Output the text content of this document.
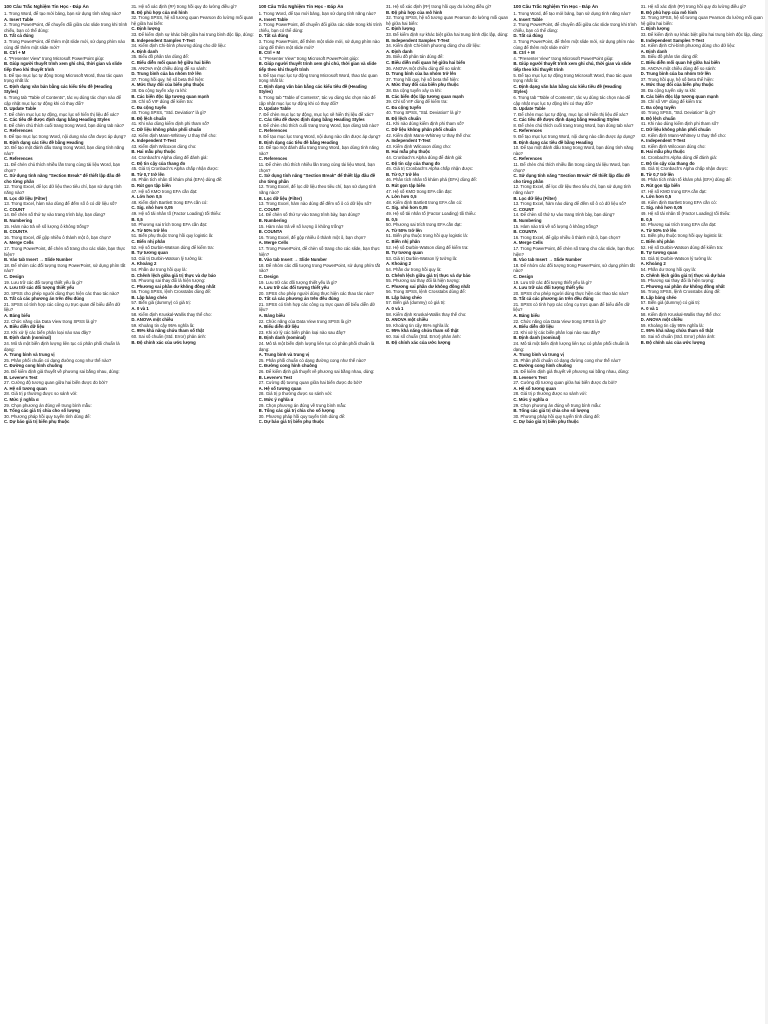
100 Câu Trắc Nghiệm Tin Học - Đáp Án

1. Trong Word, để tạo mới bảng, bạn sử dụng tính năng nào?

A. Insert Table

2. Trong PowerPoint, để chuyển đổi giữa các slide trong khi trình chiếu, bạn có thể dùng:

D. Tất cả đúng

3. Trong PowerPoint, để thêm một slide mới, sử dụng phím nào cùng để thêm một slide mới?

B. Ctrl + M

4. "Presenter View" trong Microsoft PowerPoint giúp:

B. Giúp người thuyết trình xem ghi chú, thời gian và slide tiếp theo khi thuyết trình

5. Để tạo mục lục tự động trong Microsoft Word, thao tác quan trọng nhất là:

C. Định dạng văn bản bằng các kiểu tiêu đề (Heading Styles)

6. Trong tab "Table of Contents", tác vụ dùng tác chọn nào để cập nhật mục lục tự động khi có thay đổi?

D. Update Table

7. Để chèn mục lục tự động, mục lục sẽ hiển thị liệu để xác?

C. Các tiêu đề được định dạng bằng Heading Styles

8. Để chèn chú thích cuối trang trong Word, bạn dùng tab nào?

C. References

9. Để tạo mục lục trong Word, nội dung nào cần được áp dụng?

B. Định dạng các tiêu đề bằng Heading

10. Để tạo một đánh dấu trang trong Word, bạn dùng tính năng nào?

C. References

11. Để chèn chú thích nhiều lần trong cùng tài liệu Word, bạn chọn?

C. Sử dụng tính năng "Section Break" để thiết lập đầu đề cho từng phần

12. Trong Excel, để lọc dữ liệu theo tiêu chí, bạn sử dụng tính năng nào?

B. Lọc dữ liệu (Filter)

13. Trong Excel, hàm nào dùng để đếm số ô có dữ liệu số?

C. COUNT

14. Để chèn số thứ tự vào trang trình bày, bạn dùng?

B. Numbering

15. Hàm nào trả về số lượng ô không trống?

B. COUNTA

16. Trong Excel, để gộp nhiều ô thành một ô, bạn chọn?

A. Merge Cells

17. Trong PowerPoint, để chèn số trang cho các slide, bạn thực hiện?

B. Vào tab Insert → Slide Number

18. Để nhóm các đối tượng trong PowerPoint, sử dụng phím tắt nào?

C. Design

19. Lưu trữ các đối tượng thiết yếu là gì?

A. Lưu trữ các đối tượng thiết yếu

20. SPSS cho phép người dùng thực hiện các thao tác nào?

D. Tất cả các phương án trên đều đúng

21. SPSS có tính hợp các công cụ trực quan để biểu diễn dữ liệu?

A. Bảng biểu

22. Chức năng của Data View trong SPSS là gì?

A. Biểu diễn dữ liệu

23. Khi xử lý các biến phân loại nào sau đây?

B. Định danh (nominal)

24. Mô tả một biến định lượng liên tục có phân phối chuẩn là dạng:

A. Trung bình và trung vị

25. Phân phối chuẩn có dạng đường cong như thế nào?

C. Đường cong hình chuông

26. Để kiểm định giả thuyết về phương sai bằng nhau, dùng:

B. Levene's Test

27. Cường độ tương quan giữa hai biến được đo bởi?

A. Hệ số tương quan

28. Giá trị p thường được so sánh với:

C. Mức ý nghĩa α

29. Chọn phương án đúng về trung bình mẫu:

B. Tổng các giá trị chia cho số lượng

30. Phương pháp hồi quy tuyến tính dùng để:

C. Dự báo giá trị biến phụ thuộc

31. Hệ số xác định (R²) trong hồi quy đo lường điều gì?

B. Độ phù hợp của mô hình

32. Trong SPSS, hệ số tương quan Pearson đo lường mối quan hệ giữa hai biến:

C. Định lượng

33. Để kiểm định sự khác biệt giữa hai trung bình độc lập, dùng:

B. Independent Samples T-Test

34. Kiểm định Chi-bình phương dùng cho dữ liệu:

A. Định danh

35. Biểu đồ phân tán dùng để:

C. Biểu diễn mối quan hệ giữa hai biến

36. ANOVA một chiều dùng để so sánh:

D. Trung bình của ba nhóm trở lên

37. Trong hồi quy, hệ số beta thể hiện:

A. Mức thay đổi của biến phụ thuộc

38. Đa cộng tuyến xảy ra khi:

B. Các biến độc lập tương quan mạnh

39. Chỉ số VIF dùng để kiểm tra:

C. Đa cộng tuyến

40. Trong SPSS, "Std. Deviation" là gì?

B. Độ lệch chuẩn

41. Khi nào dùng kiểm định phi tham số?

C. Dữ liệu không phân phối chuẩn

42. Kiểm định Mann-Whitney U thay thế cho:

A. Independent T-Test

43. Kiểm định Wilcoxon dùng cho:

B. Hai mẫu phụ thuộc

44. Cronbach's Alpha dùng để đánh giá:

C. Độ tin cậy của thang đo

45. Giá trị Cronbach's Alpha chấp nhận được:

B. Từ 0,7 trở lên

46. Phân tích nhân tố khám phá (EFA) dùng để:

D. Rút gọn tập biến

47. Hệ số KMO trong EFA cần đạt:

A. Lớn hơn 0,5

48. Kiểm định Bartlett trong EFA cần có:

C. Sig. nhỏ hơn 0,05

49. Hệ số tải nhân tố (Factor Loading) tối thiểu:

B. 0,5

50. Phương sai trích trong EFA cần đạt:

A. Từ 50% trở lên

51. Biến phụ thuộc trong hồi quy logistic là:

C. Biến nhị phân

52. Hệ số Durbin-Watson dùng để kiểm tra:

B. Tự tương quan

53. Giá trị Durbin-Watson lý tưởng là:

A. Khoảng 2

54. Phần dư trong hồi quy là:

D. Chênh lệch giữa giá trị thực và dự báo

55. Phương sai thay đổi là hiện tượng:

C. Phương sai phần dư không đồng nhất

56. Trong SPSS, lệnh Crosstabs dùng để:

B. Lập bảng chéo

57. Biến giả (dummy) có giá trị:

A. 0 và 1

58. Kiểm định Kruskal-Wallis thay thế cho:

D. ANOVA một chiều

59. Khoảng tin cậy 95% nghĩa là:

C. 95% khả năng chứa tham số thật

60. Sai số chuẩn (Std. Error) phản ánh:

B. Độ chính xác của ước lượng

100 Câu Trắc Nghiệm Tin Học - Đáp Án

1. Trong Word, để tạo mới bảng, bạn sử dụng tính năng nào?

A. Insert Table

2. Trong PowerPoint, để chuyển đổi giữa các slide trong khi trình chiếu, bạn có thể dùng:

D. Tất cả đúng

3. Trong PowerPoint, để thêm một slide mới, sử dụng phím nào cùng để thêm một slide mới?

B. Ctrl + M

4. "Presenter View" trong Microsoft PowerPoint giúp:

B. Giúp người thuyết trình xem ghi chú, thời gian và slide tiếp theo khi thuyết trình

5. Để tạo mục lục tự động trong Microsoft Word, thao tác quan trọng nhất là:

C. Định dạng văn bản bằng các kiểu tiêu đề (Heading Styles)

6. Trong tab "Table of Contents", tác vụ dùng tác chọn nào để cập nhật mục lục tự động khi có thay đổi?

D. Update Table

7. Để chèn mục lục tự động, mục lục sẽ hiển thị liệu để xác?

C. Các tiêu đề được định dạng bằng Heading Styles

8. Để chèn chú thích cuối trang trong Word, bạn dùng tab nào?

C. References

9. Để tạo mục lục trong Word, nội dung nào cần được áp dụng?

B. Định dạng các tiêu đề bằng Heading

10. Để tạo một đánh dấu trang trong Word, bạn dùng tính năng nào?

C. References

11. Để chèn chú thích nhiều lần trong cùng tài liệu Word, bạn chọn?

C. Sử dụng tính năng "Section Break" để thiết lập đầu đề cho từng phần

12. Trong Excel, để lọc dữ liệu theo tiêu chí, bạn sử dụng tính năng nào?

B. Lọc dữ liệu (Filter)

13. Trong Excel, hàm nào dùng để đếm số ô có dữ liệu số?

C. COUNT

14. Để chèn số thứ tự vào trang trình bày, bạn dùng?

B. Numbering

15. Hàm nào trả về số lượng ô không trống?

B. COUNTA

16. Trong Excel, để gộp nhiều ô thành một ô, bạn chọn?

A. Merge Cells

17. Trong PowerPoint, để chèn số trang cho các slide, bạn thực hiện?

B. Vào tab Insert → Slide Number

18. Để nhóm các đối tượng trong PowerPoint, sử dụng phím tắt nào?

C. Design

19. Lưu trữ các đối tượng thiết yếu là gì?

A. Lưu trữ các đối tượng thiết yếu

20. SPSS cho phép người dùng thực hiện các thao tác nào?

D. Tất cả các phương án trên đều đúng

21. SPSS có tính hợp các công cụ trực quan để biểu diễn dữ liệu?

A. Bảng biểu

22. Chức năng của Data View trong SPSS là gì?

A. Biểu diễn dữ liệu

23. Khi xử lý các biến phân loại nào sau đây?

B. Định danh (nominal)

24. Mô tả một biến định lượng liên tục có phân phối chuẩn là dạng:

A. Trung bình và trung vị

25. Phân phối chuẩn có dạng đường cong như thế nào?

C. Đường cong hình chuông

26. Để kiểm định giả thuyết về phương sai bằng nhau, dùng:

B. Levene's Test

27. Cường độ tương quan giữa hai biến được đo bởi?

A. Hệ số tương quan

28. Giá trị p thường được so sánh với:

C. Mức ý nghĩa α

29. Chọn phương án đúng về trung bình mẫu:

B. Tổng các giá trị chia cho số lượng

30. Phương pháp hồi quy tuyến tính dùng để:

C. Dự báo giá trị biến phụ thuộc

31. Hệ số xác định (R²) trong hồi quy đo lường điều gì?

B. Độ phù hợp của mô hình

32. Trong SPSS, hệ số tương quan Pearson đo lường mối quan hệ giữa hai biến:

C. Định lượng

33. Để kiểm định sự khác biệt giữa hai trung bình độc lập, dùng:

B. Independent Samples T-Test

34. Kiểm định Chi-bình phương dùng cho dữ liệu:

A. Định danh

35. Biểu đồ phân tán dùng để:

C. Biểu diễn mối quan hệ giữa hai biến

36. ANOVA một chiều dùng để so sánh:

D. Trung bình của ba nhóm trở lên

37. Trong hồi quy, hệ số beta thể hiện:

A. Mức thay đổi của biến phụ thuộc

38. Đa cộng tuyến xảy ra khi:

B. Các biến độc lập tương quan mạnh

39. Chỉ số VIF dùng để kiểm tra:

C. Đa cộng tuyến

40. Trong SPSS, "Std. Deviation" là gì?

B. Độ lệch chuẩn

41. Khi nào dùng kiểm định phi tham số?

C. Dữ liệu không phân phối chuẩn

42. Kiểm định Mann-Whitney U thay thế cho:

A. Independent T-Test

43. Kiểm định Wilcoxon dùng cho:

B. Hai mẫu phụ thuộc

44. Cronbach's Alpha dùng để đánh giá:

C. Độ tin cậy của thang đo

45. Giá trị Cronbach's Alpha chấp nhận được:

B. Từ 0,7 trở lên

46. Phân tích nhân tố khám phá (EFA) dùng để:

D. Rút gọn tập biến

47. Hệ số KMO trong EFA cần đạt:

A. Lớn hơn 0,5

48. Kiểm định Bartlett trong EFA cần có:

C. Sig. nhỏ hơn 0,05

49. Hệ số tải nhân tố (Factor Loading) tối thiểu:

B. 0,5

50. Phương sai trích trong EFA cần đạt:

A. Từ 50% trở lên

51. Biến phụ thuộc trong hồi quy logistic là:

C. Biến nhị phân

52. Hệ số Durbin-Watson dùng để kiểm tra:

B. Tự tương quan

53. Giá trị Durbin-Watson lý tưởng là:

A. Khoảng 2

54. Phần dư trong hồi quy là:

D. Chênh lệch giữa giá trị thực và dự báo

55. Phương sai thay đổi là hiện tượng:

C. Phương sai phần dư không đồng nhất

56. Trong SPSS, lệnh Crosstabs dùng để:

B. Lập bảng chéo

57. Biến giả (dummy) có giá trị:

A. 0 và 1

58. Kiểm định Kruskal-Wallis thay thế cho:

D. ANOVA một chiều

59. Khoảng tin cậy 95% nghĩa là:

C. 95% khả năng chứa tham số thật

60. Sai số chuẩn (Std. Error) phản ánh:

B. Độ chính xác của ước lượng

100 Câu Trắc Nghiệm Tin Học - Đáp Án

1. Trong Word, để tạo mới bảng, bạn sử dụng tính năng nào?

A. Insert Table

2. Trong PowerPoint, để chuyển đổi giữa các slide trong khi trình chiếu, bạn có thể dùng:

D. Tất cả đúng

3. Trong PowerPoint, để thêm một slide mới, sử dụng phím nào cùng để thêm một slide mới?

B. Ctrl + M

4. "Presenter View" trong Microsoft PowerPoint giúp:

B. Giúp người thuyết trình xem ghi chú, thời gian và slide tiếp theo khi thuyết trình

5. Để tạo mục lục tự động trong Microsoft Word, thao tác quan trọng nhất là:

C. Định dạng văn bản bằng các kiểu tiêu đề (Heading Styles)

6. Trong tab "Table of Contents", tác vụ dùng tác chọn nào để cập nhật mục lục tự động khi có thay đổi?

D. Update Table

7. Để chèn mục lục tự động, mục lục sẽ hiển thị liệu để xác?

C. Các tiêu đề được định dạng bằng Heading Styles

8. Để chèn chú thích cuối trang trong Word, bạn dùng tab nào?

C. References

9. Để tạo mục lục trong Word, nội dung nào cần được áp dụng?

B. Định dạng các tiêu đề bằng Heading

10. Để tạo một đánh dấu trang trong Word, bạn dùng tính năng nào?

C. References

11. Để chèn chú thích nhiều lần trong cùng tài liệu Word, bạn chọn?

C. Sử dụng tính năng "Section Break" để thiết lập đầu đề cho từng phần

12. Trong Excel, để lọc dữ liệu theo tiêu chí, bạn sử dụng tính năng nào?

B. Lọc dữ liệu (Filter)

13. Trong Excel, hàm nào dùng để đếm số ô có dữ liệu số?

C. COUNT

14. Để chèn số thứ tự vào trang trình bày, bạn dùng?

B. Numbering

15. Hàm nào trả về số lượng ô không trống?

B. COUNTA

16. Trong Excel, để gộp nhiều ô thành một ô, bạn chọn?

A. Merge Cells

17. Trong PowerPoint, để chèn số trang cho các slide, bạn thực hiện?

B. Vào tab Insert → Slide Number

18. Để nhóm các đối tượng trong PowerPoint, sử dụng phím tắt nào?

C. Design

19. Lưu trữ các đối tượng thiết yếu là gì?

A. Lưu trữ các đối tượng thiết yếu

20. SPSS cho phép người dùng thực hiện các thao tác nào?

D. Tất cả các phương án trên đều đúng

21. SPSS có tính hợp các công cụ trực quan để biểu diễn dữ liệu?

A. Bảng biểu

22. Chức năng của Data View trong SPSS là gì?

A. Biểu diễn dữ liệu

23. Khi xử lý các biến phân loại nào sau đây?

B. Định danh (nominal)

24. Mô tả một biến định lượng liên tục có phân phối chuẩn là dạng:

A. Trung bình và trung vị

25. Phân phối chuẩn có dạng đường cong như thế nào?

C. Đường cong hình chuông

26. Để kiểm định giả thuyết về phương sai bằng nhau, dùng:

B. Levene's Test

27. Cường độ tương quan giữa hai biến được đo bởi?

A. Hệ số tương quan

28. Giá trị p thường được so sánh với:

C. Mức ý nghĩa α

29. Chọn phương án đúng về trung bình mẫu:

B. Tổng các giá trị chia cho số lượng

30. Phương pháp hồi quy tuyến tính dùng để:

C. Dự báo giá trị biến phụ thuộc

31. Hệ số xác định (R²) trong hồi quy đo lường điều gì?

B. Độ phù hợp của mô hình

32. Trong SPSS, hệ số tương quan Pearson đo lường mối quan hệ giữa hai biến:

C. Định lượng

33. Để kiểm định sự khác biệt giữa hai trung bình độc lập, dùng:

B. Independent Samples T-Test

34. Kiểm định Chi-bình phương dùng cho dữ liệu:

A. Định danh

35. Biểu đồ phân tán dùng để:

C. Biểu diễn mối quan hệ giữa hai biến

36. ANOVA một chiều dùng để so sánh:

D. Trung bình của ba nhóm trở lên

37. Trong hồi quy, hệ số beta thể hiện:

A. Mức thay đổi của biến phụ thuộc

38. Đa cộng tuyến xảy ra khi:

B. Các biến độc lập tương quan mạnh

39. Chỉ số VIF dùng để kiểm tra:

C. Đa cộng tuyến

40. Trong SPSS, "Std. Deviation" là gì?

B. Độ lệch chuẩn

41. Khi nào dùng kiểm định phi tham số?

C. Dữ liệu không phân phối chuẩn

42. Kiểm định Mann-Whitney U thay thế cho:

A. Independent T-Test

43. Kiểm định Wilcoxon dùng cho:

B. Hai mẫu phụ thuộc

44. Cronbach's Alpha dùng để đánh giá:

C. Độ tin cậy của thang đo

45. Giá trị Cronbach's Alpha chấp nhận được:

B. Từ 0,7 trở lên

46. Phân tích nhân tố khám phá (EFA) dùng để:

D. Rút gọn tập biến

47. Hệ số KMO trong EFA cần đạt:

A. Lớn hơn 0,5

48. Kiểm định Bartlett trong EFA cần có:

C. Sig. nhỏ hơn 0,05

49. Hệ số tải nhân tố (Factor Loading) tối thiểu:

B. 0,5

50. Phương sai trích trong EFA cần đạt:

A. Từ 50% trở lên

51. Biến phụ thuộc trong hồi quy logistic là:

C. Biến nhị phân

52. Hệ số Durbin-Watson dùng để kiểm tra:

B. Tự tương quan

53. Giá trị Durbin-Watson lý tưởng là:

A. Khoảng 2

54. Phần dư trong hồi quy là:

D. Chênh lệch giữa giá trị thực và dự báo

55. Phương sai thay đổi là hiện tượng:

C. Phương sai phần dư không đồng nhất

56. Trong SPSS, lệnh Crosstabs dùng để:

B. Lập bảng chéo

57. Biến giả (dummy) có giá trị:

A. 0 và 1

58. Kiểm định Kruskal-Wallis thay thế cho:

D. ANOVA một chiều

59. Khoảng tin cậy 95% nghĩa là:

C. 95% khả năng chứa tham số thật

60. Sai số chuẩn (Std. Error) phản ánh:

B. Độ chính xác của ước lượng
